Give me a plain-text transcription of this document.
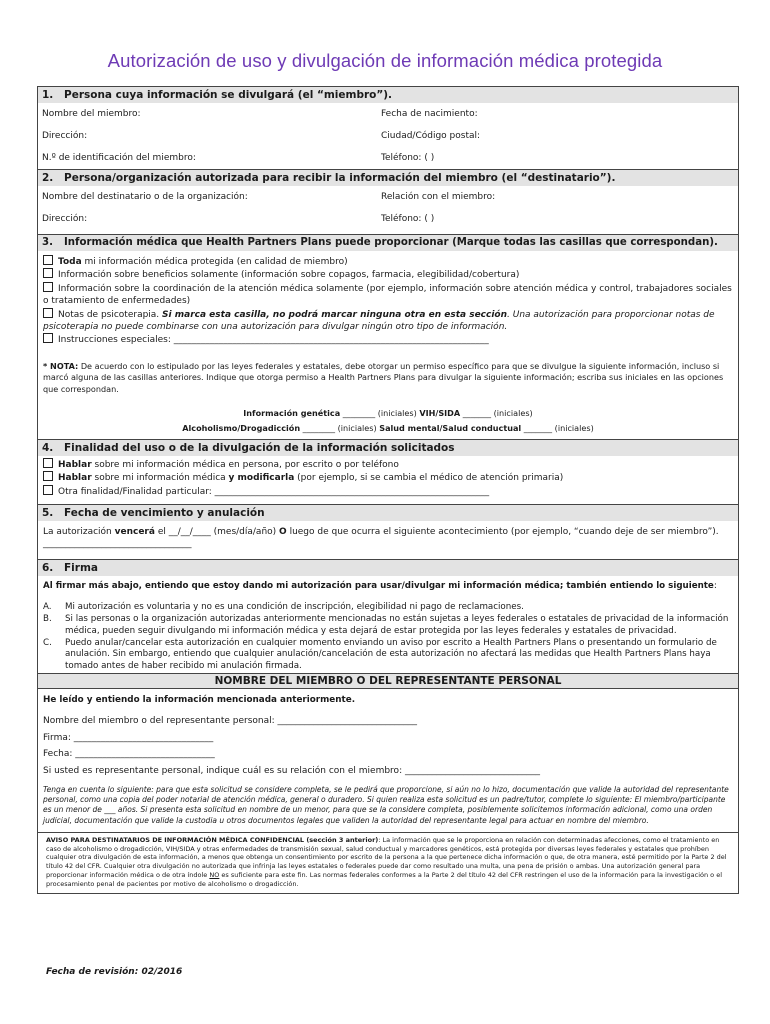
Autorización de uso y divulgación de información médica protegida
1. Persona cuya información se divulgará (el “miembro”).
Nombre del miembro:	Fecha de nacimiento:
Dirección:	Ciudad/Código postal:
N.º de identificación del miembro:	Teléfono: ( )
2. Persona/organización autorizada para recibir la información del miembro (el “destinatario”).
Nombre del destinatario o de la organización:	Relación con el miembro:
Dirección:	Teléfono: ( )
3. Información médica que Health Partners Plans puede proporcionar (Marque todas las casillas que correspondan).
Toda mi información médica protegida (en calidad de miembro)
Información sobre beneficios solamente (información sobre copagos, farmacia, elegibilidad/cobertura)
Información sobre la coordinación de la atención médica solamente (por ejemplo, información sobre atención médica y control, trabajadores sociales o tratamiento de enfermedades)
Notas de psicoterapia. Si marca esta casilla, no podrá marcar ninguna otra en esta sección. Una autorización para proporcionar notas de psicoterapia no puede combinarse con una autorización para divulgar ningún otro tipo de información.
Instrucciones especiales: ______________________________________________________________________
* NOTA: De acuerdo con lo estipulado por las leyes federales y estatales, debe otorgar un permiso específico para que se divulgue la siguiente información, incluso si marcó alguna de las casillas anteriores. Indique que otorga permiso a Health Partners Plans para divulgar la siguiente información; escriba sus iniciales en las opciones que correspondan.
Información genética ________ (iniciales) VIH/SIDA _______ (iniciales)
Alcoholismo/Drogadicción ________ (iniciales) Salud mental/Salud conductual _______ (iniciales)
4. Finalidad del uso o de la divulgación de la información solicitados
Hablar sobre mi información médica en persona, por escrito o por teléfono
Hablar sobre mi información médica y modificarla (por ejemplo, si se cambia el médico de atención primaria)
Otra finalidad/Finalidad particular: _____________________________________________________________
5. Fecha de vencimiento y anulación
La autorización vencerá el __/__/____ (mes/día/año) O luego de que ocurra el siguiente acontecimiento (por ejemplo, “cuando deje de ser miembro”). _________________________________
6. Firma
Al firmar más abajo, entiendo que estoy dando mi autorización para usar/divulgar mi información médica; también entiendo lo siguiente:
A.	Mi autorización es voluntaria y no es una condición de inscripción, elegibilidad ni pago de reclamaciones.
B.	Si las personas o la organización autorizadas anteriormente mencionadas no están sujetas a leyes federales o estatales de privacidad de la información médica, pueden seguir divulgando mi información médica y esta dejará de estar protegida por las leyes federales y estatales de privacidad.
C.	Puedo anular/cancelar esta autorización en cualquier momento enviando un aviso por escrito a Health Partners Plans o presentando un formulario de anulación. Sin embargo, entiendo que cualquier anulación/cancelación de esta autorización no afectará las medidas que Health Partners Plans haya tomado antes de haber recibido mi anulación firmada.
NOMBRE DEL MIEMBRO O DEL REPRESENTANTE PERSONAL
He leído y entiendo la información mencionada anteriormente.
Nombre del miembro o del representante personal: _______________________________
Firma: _______________________________
Fecha: _______________________________
Si usted es representante personal, indique cuál es su relación con el miembro: ______________________________
Tenga en cuenta lo siguiente: para que esta solicitud se considere completa, se le pedirá que proporcione, si aún no lo hizo, documentación que valide la autoridad del representante personal, como una copia del poder notarial de atención médica, general o duradero. Si quien realiza esta solicitud es un padre/tutor, complete lo siguiente: El miembro/participante es un menor de ___ años. Si presenta esta solicitud en nombre de un menor, para que se la considere completa, posiblemente solicitemos información adicional, como una orden judicial, documentación que valide la custodia u otros documentos legales que validen la autoridad del representante legal para actuar en nombre del miembro.
AVISO PARA DESTINATARIOS DE INFORMACIÓN MÉDICA CONFIDENCIAL (sección 3 anterior): La información que se le proporciona en relación con determinadas afecciones, como el tratamiento en caso de alcoholismo o drogadicción, VIH/SIDA y otras enfermedades de transmisión sexual, salud conductual y marcadores genéticos, está protegida por diversas leyes federales y estatales que prohíben cualquier otra divulgación de esta información, a menos que obtenga un consentimiento por escrito de la persona a la que pertenece dicha información o que, de otra manera, esté permitido por la Parte 2 del título 42 del CFR. Cualquier otra divulgación no autorizada que infrinja las leyes estatales o federales puede dar como resultado una multa, una pena de prisión o ambas. Una autorización general para proporcionar información médica o de otra índole NO es suficiente para este fin. Las normas federales conformes a la Parte 2 del título 42 del CFR restringen el uso de la información para la investigación o el procesamiento penal de pacientes por motivo de alcoholismo o drogadicción.
Fecha de revisión: 02/2016
